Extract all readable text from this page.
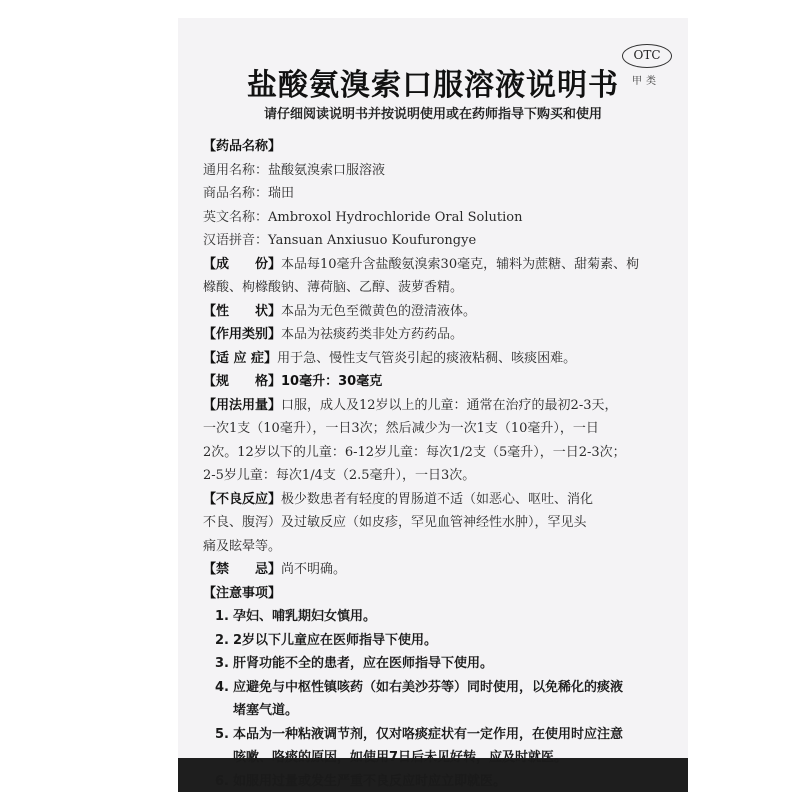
OTC
甲类
盐酸氨溴索口服溶液说明书
请仔细阅读说明书并按说明使用或在药师指导下购买和使用
【药品名称】
通用名称：盐酸氨溴索口服溶液
商品名称：瑞田
英文名称：Ambroxol Hydrochloride Oral Solution
汉语拼音：Yansuan Anxiusuo Koufurongye
【成　　份】本品每10毫升含盐酸氨溴索30毫克，辅料为蔗糖、甜菊素、枸
橼酸、枸橼酸钠、薄荷脑、乙醇、菠萝香精。
【性　　状】本品为无色至微黄色的澄清液体。
【作用类别】本品为祛痰药类非处方药药品。
【适 应 症】用于急、慢性支气管炎引起的痰液粘稠、咳痰困难。
【规　　格】10毫升：30毫克
【用法用量】口服，成人及12岁以上的儿童：通常在治疗的最初2-3天，
一次1支（10毫升），一日3次；然后减少为一次1支（10毫升），一日
2次。12岁以下的儿童：6-12岁儿童：每次1/2支（5毫升），一日2-3次；
2-5岁儿童：每次1/4支（2.5毫升），一日3次。
【不良反应】极少数患者有轻度的胃肠道不适（如恶心、呕吐、消化
不良、腹泻）及过敏反应（如皮疹，罕见血管神经性水肿），罕见头
痛及眩晕等。
【禁　　忌】尚不明确。
【注意事项】
1. 孕妇、哺乳期妇女慎用。
2. 2岁以下儿童应在医师指导下使用。
3. 肝肾功能不全的患者，应在医师指导下使用。
4. 应避免与中枢性镇咳药（如右美沙芬等）同时使用，以免稀化的痰液
堵塞气道。
5. 本品为一种粘液调节剂，仅对咯痰症状有一定作用，在使用时应注意
咳嗽、咯痰的原因，如使用7日后未见好转，应及时就医。
6. 如服用过量或发生严重不良反应时应立即就医。
